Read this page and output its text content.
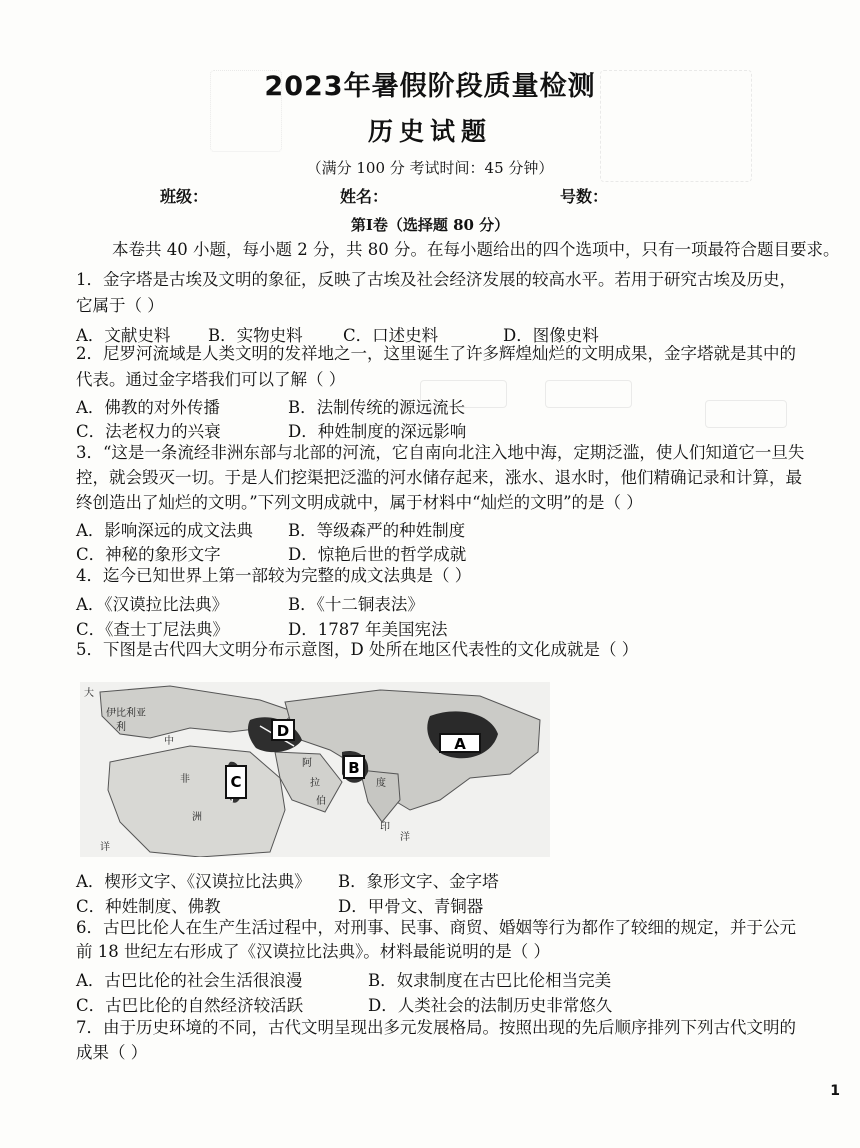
2023年暑假阶段质量检测
历史试题
（满分 100 分 考试时间：45 分钟）
班级：	姓名：	号数：
第Ⅰ卷（选择题 80 分）
本卷共 40 小题，每小题 2 分，共 80 分。在每小题给出的四个选项中，只有一项最符合题目要求。
1．金字塔是古埃及文明的象征，反映了古埃及社会经济发展的较高水平。若用于研究古埃及历史，
它属于（ ）
A．文献史料 B．实物史料 C．口述史料	D．图像史料
2．尼罗河流域是人类文明的发祥地之一，这里诞生了许多辉煌灿烂的文明成果，金字塔就是其中的
代表。通过金字塔我们可以了解（ ）
A．佛教的对外传播	B．法制传统的源远流长
C．法老权力的兴衰	D．种姓制度的深远影响
3．“这是一条流经非洲东部与北部的河流，它自南向北注入地中海，定期泛滥，使人们知道它一旦失
控，就会毁灭一切。于是人们挖渠把泛滥的河水储存起来，涨水、退水时，他们精确记录和计算，最
终创造出了灿烂的文明。”下列文明成就中，属于材料中“灿烂的文明”的是（ ）
A．影响深远的成文法典 B．等级森严的种姓制度
C．神秘的象形文字	D．惊艳后世的哲学成就
4．迄今已知世界上第一部较为完整的成文法典是（ ）
A．《汉谟拉比法典》	B．《十二铜表法》
C．《查士丁尼法典》	D．1787 年美国宪法
5．下图是古代四大文明分布示意图，D 处所在地区代表性的文化成就是（ ）
D
A
B
C
大
伊比利亚
利
中
非
阿
拉
伯
洲
印
洋
度
详
A．楔形文字、《汉谟拉比法典》 B．象形文字、金字塔
C．种姓制度、佛教	D．甲骨文、青铜器
6．古巴比伦人在生产生活过程中，对刑事、民事、商贸、婚姻等行为都作了较细的规定，并于公元
前 18 世纪左右形成了《汉谟拉比法典》。材料最能说明的是（ ）
A．古巴比伦的社会生活很浪漫	B．奴隶制度在古巴比伦相当完美
C．古巴比伦的自然经济较活跃	D．人类社会的法制历史非常悠久
7．由于历史环境的不同，古代文明呈现出多元发展格局。按照出现的先后顺序排列下列古代文明的
成果（ ）
1
